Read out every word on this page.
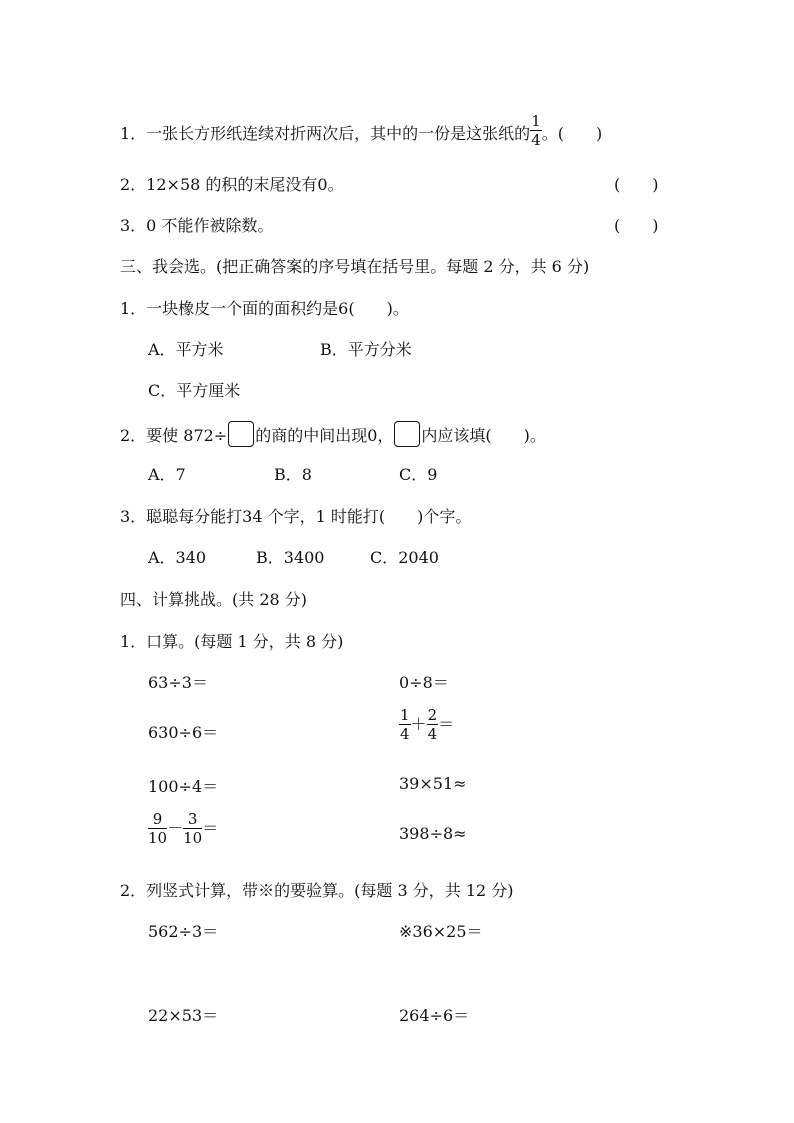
1．一张长方形纸连续对折两次后，其中的一份是这张纸的 $\frac{1}{4}$ 。(　　)
2．12×58 的积的末尾没有0。	(　　)
3．0 不能作被除数。	(　　)
三、我会选。(把正确答案的序号填在括号里。每题 2 分，共 6 分)
1．一块橡皮一个面的面积约是6(　　)。
A．平方米	B．平方分米
C．平方厘米
2．要使 872÷ 的商的中间出现0， 内应该填(　　)。
A．7	B．8	C．9
3．聪聪每分能打34 个字，1 时能打(　　)个字。
A．340	B．3400	C．2040
四、计算挑战。(共 28 分)
1．口算。(每题 1 分，共 8 分)
63÷3＝	0÷8＝
630÷6＝	$\frac{1}{4} + \frac{2}{4}$ ＝
100÷4＝	39×51≈
$\frac{9}{10} - \frac{3}{10}$ ＝	398÷8≈
2．列竖式计算，带※的要验算。(每题 3 分，共 12 分)
562÷3＝	※36×25＝
22×53＝	264÷6＝
